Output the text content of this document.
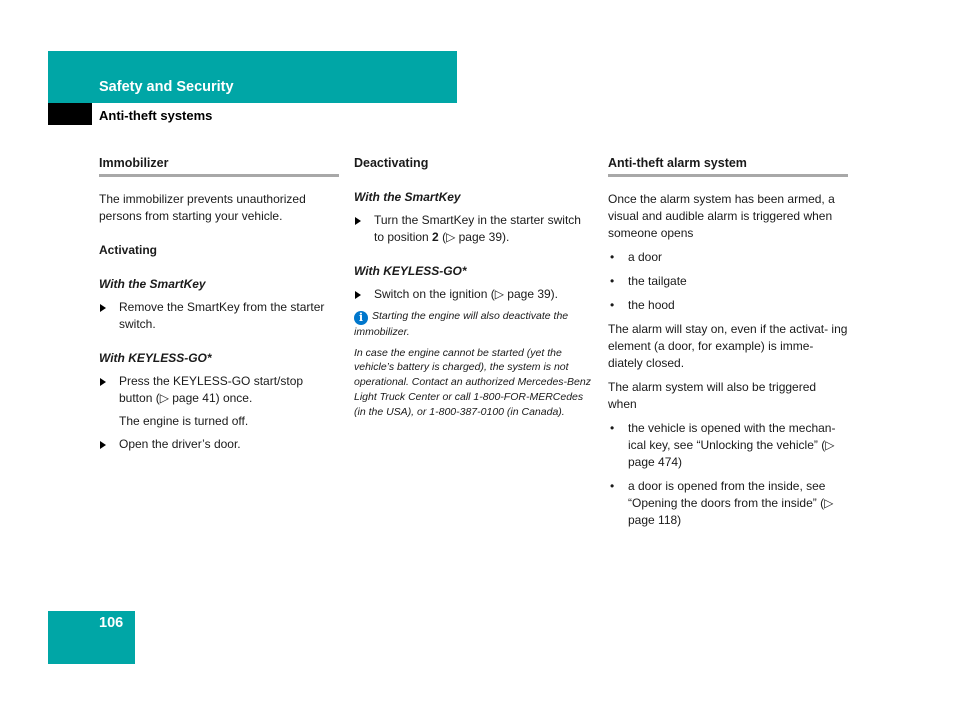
Safety and Security
Anti-theft systems
Immobilizer

The immobilizer prevents unauthorized persons from starting your vehicle.

Activating
With the SmartKey
Remove the SmartKey from the starter switch.
With KEYLESS-GO*
Press the KEYLESS-GO start/stop button (▷ page 41) once.
The engine is turned off.
Open the driver’s door.
Deactivating
With the SmartKey
Turn the SmartKey in the starter switch to position 2 (▷ page 39).
With KEYLESS-GO*
Switch on the ignition (▷ page 39).
i Starting the engine will also deactivate the immobilizer.
In case the engine cannot be started (yet the vehicle’s battery is charged), the system is not operational. Contact an authorized Mercedes-Benz Light Truck Center or call 1-800-FOR-MERCedes (in the USA), or 1-800-387-0100 (in Canada).
Anti-theft alarm system

Once the alarm system has been armed, a visual and audible alarm is triggered when someone opens

• a door
• the tailgate
• the hood

The alarm will stay on, even if the activat- ing element (a door, for example) is imme- diately closed.

The alarm system will also be triggered when

• the vehicle is opened with the mechan- ical key, see “Unlocking the vehicle” (▷ page 474)
• a door is opened from the inside, see “Opening the doors from the inside” (▷ page 118)
106
